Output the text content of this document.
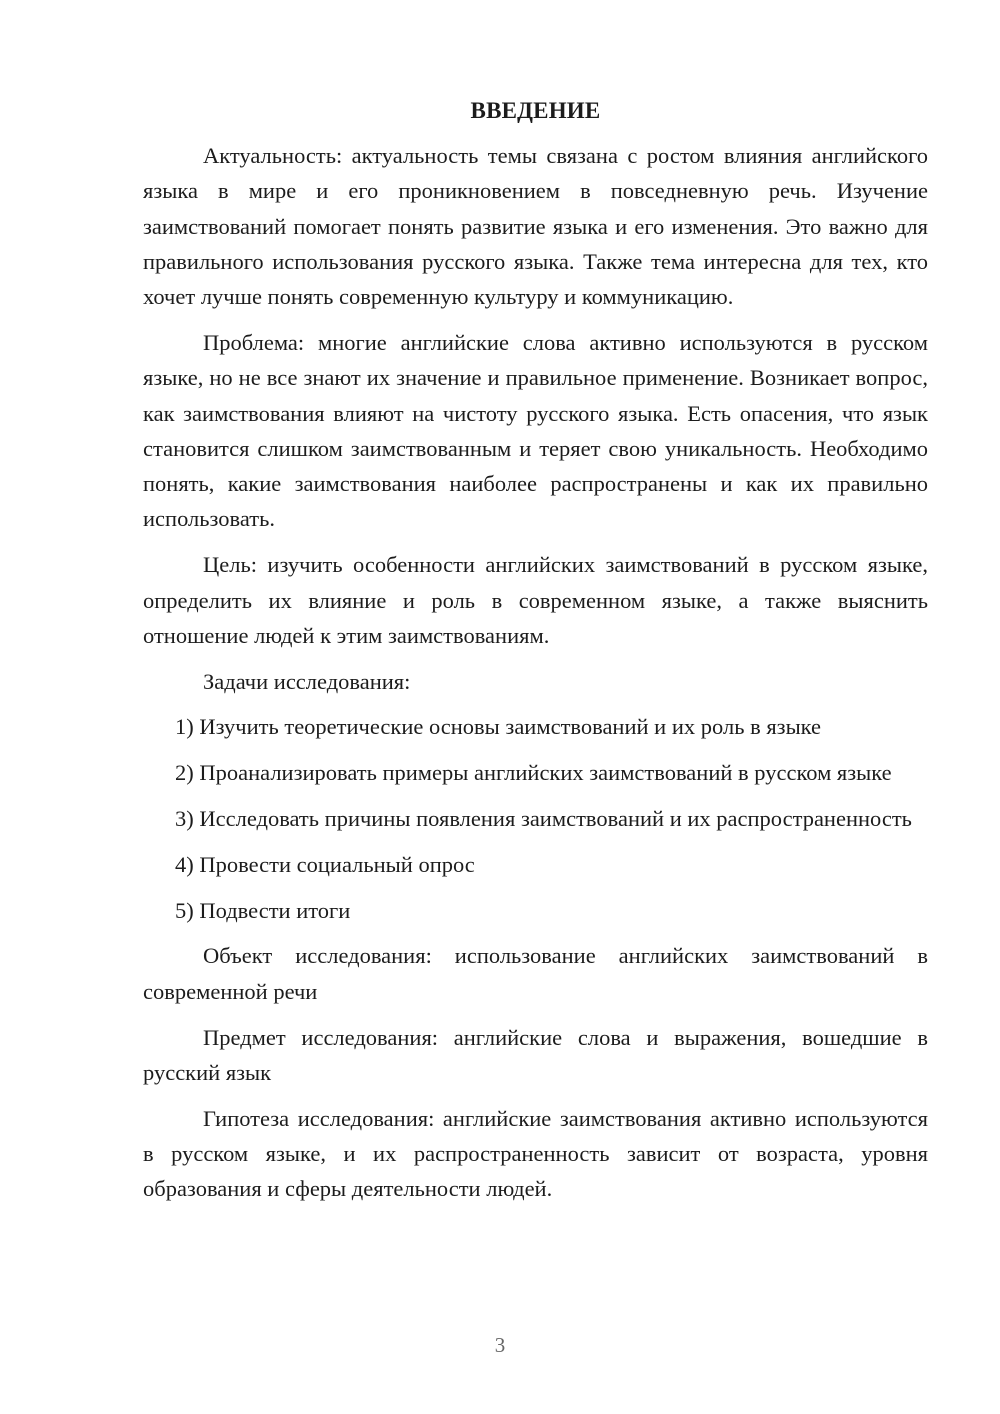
ВВЕДЕНИЕ

Актуальность: актуальность темы связана с ростом влияния английского языка в мире и его проникновением в повседневную речь. Изучение заимствований помогает понять развитие языка и его изменения. Это важно для правильного использования русского языка. Также тема интересна для тех, кто хочет лучше понять современную культуру и коммуникацию.

Проблема: многие английские слова активно используются в русском языке, но не все знают их значение и правильное применение. Возникает вопрос, как заимствования влияют на чистоту русского языка. Есть опасения, что язык становится слишком заимствованным и теряет свою уникальность. Необходимо понять, какие заимствования наиболее распространены и как их правильно использовать.

Цель: изучить особенности английских заимствований в русском языке, определить их влияние и роль в современном языке, а также выяснить отношение людей к этим заимствованиям.

Задачи исследования:

1) Изучить теоретические основы заимствований и их роль в языке

2) Проанализировать примеры английских заимствований в русском языке

3) Исследовать причины появления заимствований и их распространенность

4) Провести социальный опрос

5) Подвести итоги

Объект исследования: использование английских заимствований в современной речи

Предмет исследования: английские слова и выражения, вошедшие в русский язык

Гипотеза исследования: английские заимствования активно используются в русском языке, и их распространенность зависит от возраста, уровня образования и сферы деятельности людей.

3
